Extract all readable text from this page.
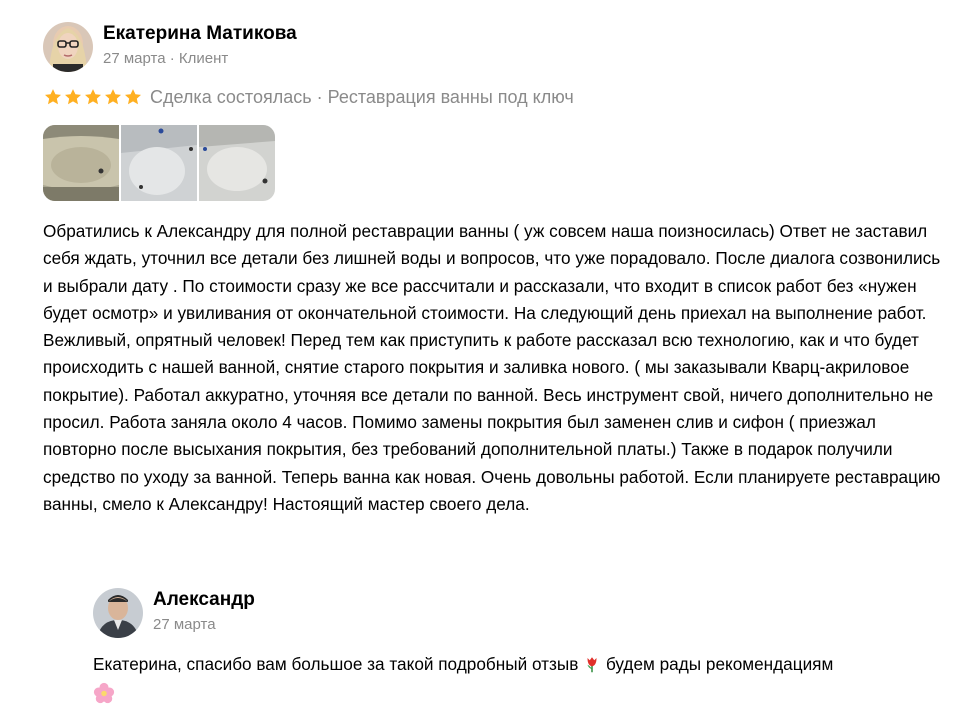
Екатерина Матикова
27 марта · Клиент
Сделка состоялась · Реставрация ванны под ключ
Обратились к Александру для полной реставрации ванны ( уж совсем наша поизносилась) Ответ не заставил себя ждать, уточнил все детали без лишней воды и вопросов, что уже порадовало. После диалога созвонились и выбрали дату . По стоимости сразу же все рассчитали и рассказали, что входит в список работ без «нужен будет осмотр» и увиливания от окончательной стоимости. На следующий день приехал на выполнение работ. Вежливый, опрятный человек! Перед тем как приступить к работе рассказал всю технологию, как и что будет происходить с нашей ванной, снятие старого покрытия и заливка нового. ( мы заказывали Кварц-акриловое покрытие). Работал аккуратно, уточняя все детали по ванной. Весь инструмент свой, ничего дополнительно не просил. Работа заняла около 4 часов. Помимо замены покрытия был заменен слив и сифон ( приезжал повторно после высыхания покрытия, без требований дополнительной платы.) Также в подарок получили средство по уходу за ванной. Теперь ванна как новая. Очень довольны работой. Если планируете реставрацию ванны, смело к Александру! Настоящий мастер своего дела.
Александр
27 марта
Екатерина, спасибо вам большое за такой подробный отзыв будем рады рекомендациям
